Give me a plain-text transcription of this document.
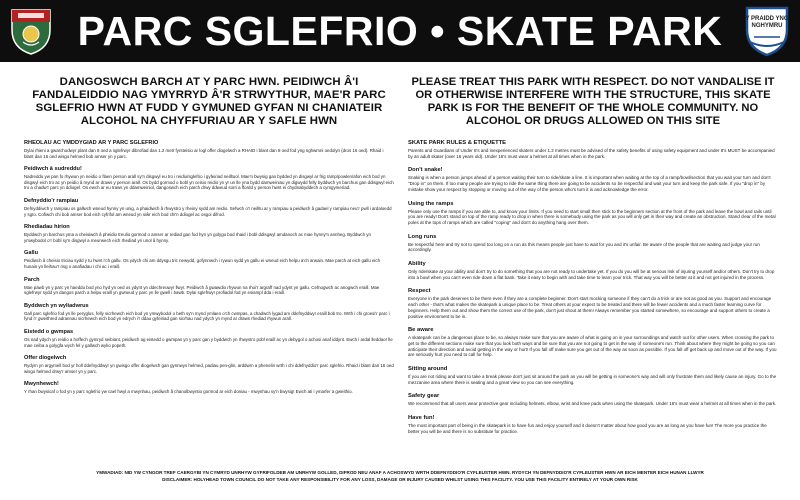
PARC SGLEFRIO • SKATE PARK	Y PRAIDD YNG NGHYMRU
DANGOSWCH BARCH AT Y PARC HWN. PEIDIWCH Â'I FANDALEIDDIO NAG YMYRRYD Â'R STRWYTHUR, MAE'R PARC SGLEFRIO HWN AT FUDD Y GYMUNED GYFAN NI CHANIATEIR ALCOHOL NA CHYFFURIAU AR Y SAFLE HWN
RHEOLAU AC YMDDYGIAD AR Y PARC SGLEFRIO
Dylai rhieni a gwarchodwyr plant dan 8 oed a sglefrwyr dibrofiad dan 1.2 metr fyrsteisio ar logl offer diogelwch a RHAID i blant dan 8 oed fod yng nghwmni oedolyn (dros 16 oed). Rhaid i blant dan 16 oed wisgo helmed bob amser yn y parc.
Peidiwch â sudreddu!
Nadreddu yw pan fo rhywun yn neidio o flaen person arall sy'n disgwyl eu tro i reidio/sglefrio i gyfeiriad neilltuol. Mae'n bwysig gan bydded yn disgwyl ar frig ramp/powlen/afon eich bod yn disgwyl eich tro ac yn peidio â mynd ar draws y person arall. Os bydd gormod o bobl yn ceisio reidio yn yr un lle yna bydd damweiniau yn digwydd felly byddwch yn barchus gan ddisgwyl eich tro a chadw'r parc yn ddiogel. Os ewch ar eu traws yn ddamweiniol, dangoswch eich parch drwy ddweud sorri a ffordd y person hwnt ei chydnabyddech a cymgymeriad.
Defnyddio'r rampiau
Defnyddiwch y rampiau os gallwch wneud hynny yn unig, a phaidiwch â rhwystro y rheiny sydd am reidio. Sefwch o'r neilltu ar y rampiau a peidiwch â gadael y rampiau neu'r pwll i ardaloedd y sgïo. Cofiwch chi bob amser bod eich cyfrifol am wneud yn siŵr eich bod chi'n ddiogel ac osgoi difrod.
Rhediadau hirion
Byddwch yn barchus yma a cheisiwch â pheidio treulio gormod o amser ar rediad gan fod hyn yn golygu bod rhaid i bobl ddisgwyl amdanoch ac mae hynny'n annheg. Byddwch yn ymwybodol o'r bobl sy'n disgwyl a meurwech eich rhediad yn unol â hynny.
Gallu
Peidiwch â cheisio triciau sydd y tu hwnt i'ch gallu. Os ydych chi am ddysgu tric newydd, gofynnwch i rywun sydd yn gallu ei wneud eich helpu a'ch arwain. Mae parch at eich gallu eich hunain yn lleihau'r risg o anafiadau i chi ac i eraill.
Parch
Mae pawb yn y parc yn haeddu bod yno hyd yn oed os ydynt yn ddechreuwyr llwyr. Peidiwch â gwawdio rhywun na rhoi'r argraff nad ydynt yn gallu. Cefnogwch ac anogwch eraill. Mae sglefrwyr sydd yn dangos parch a helpu eraill yn gwneud y parc yn lle gwell i bawb. Dylai sglefrwyr profiadol fod yn esiampl dda i eraill.
Byddwch yn wyliadwrus
Gall parc sglefrio fod yn lle peryglus, felly sicrhewch eich bod yn ymwybodol o beth sy'n mynd ymlaen o'ch cwmpas, a chadwch lygad am ddefnyddwyr eraill bob tro. Wrth i chi groesi'r parc i fynd i'r gweithred adrannau sicrhewch eich bod yn edrych i'r ddau gyfeiriad gan sicrhau nad ydych yn mynd ar draws rhediad rhywun arall.
Eistedd o gwmpas
Os nad ydych yn reidio a hoffech gymryd seibiant, peidiwch ag eistedd o gwmpas yn y parc gan y byddwch yn rhwystro pobl eraill ac yn debygol o achosi anaf iddynt. Ewch i ardal lleddaor lle mae ceiba a golygfa wych fel y gallwch wylio popeth.
Offer diogelwch
Rydym yn argymell bod yr holl ddefnyddwyr yn gwisgo offer diogelwch gan gynnwys helmed, padiau pen-glin, arddwrn a phenelin wrth i chi ddefnyddio'r parc sglefrio. Rhaid i blant dan 16 oed wisgo helmed drwy'r amser yn y parc.
Mwynhewch!
Y rhan bwysicaf o fod yn y parc sglefrio yw cael hwyl a mwynhau, peidiwch â chanolbwyntio gormod ar eich doniau - mwynhau sy'n bwysig! Ewch ati i ymarfer a gweithio.
PLEASE TREAT THIS PARK WITH RESPECT. DO NOT VANDALISE IT OR OTHERWISE INTERFERE WITH THE STRUCTURE, THIS SKATE PARK IS FOR THE BENEFIT OF THE WHOLE COMMUNITY. NO ALCOHOL OR DRUGS ALLOWED ON THIS SITE
SKATE PARK RULES & ETIQUETTE
Parents and Guardians of Under 8's and inexperienced skaters under 1.2 metres must be advised of the safety benefits of using safety equipment and under 8's MUST be accompanied by an adult skater (over 16 years old). Under 16's must wear a helmet at all times when in the park.
Don't snake!
Snaking is when a person jumps ahead of a person waiting their turn to ride/skate a line. It is important when waiting at the top of a ramp/bowl/section that you wait your turn and don't "Drop in" on them. If too many people are trying to ride the same thing there are going to be accidents so be respectful and wait your turn and keep the park safe. If you "drop in" by mistake show your respect by stopping or moving out of the way of the person who's turn it is and acknowledge the error.
Using the ramps
Please only use the ramps if you are able to, and know your limits. If you need to start small then stick to the beginners section at the front of the park and leave the bowl and rails until you are ready! Don't stand on top of the ramp ready to drop in when there is somebody using the park as you will only get in their way and create an obstruction. Stand clear of the metal poles at the tops of ramps which are called "coping" and don't do anything hang over them.
Long runs
Be respectful here and try not to spend too long on a run as this means people just have to wait for you and it's unfair. Be aware of the people that are waiting and judge your run accordingly.
Ability
Only ride/skate at your ability and don't try to do something that you are not ready to undertake yet. If you do you will be at serious risk of injuring yourself and/or others. Don't try to drop into a bowl when you can't even ride down a flat bank. Take it easy to begin with and take time to learn your trick. That way you will be better at it and not get injured in the process.
Respect
Everyone in the park deserves to be there even if they are a complete beginner. Don't start mocking someone if they can't do a trick or are not as good as you. Support and encourage each other - that's what makes the skatepark a unique place to be. Treat others at your expect to be treated and there will be fewer accidents and a much faster learning curve for beginners. Help them out and show them the correct use of the park, don't just shout at them! Always remember you started somewhere, so encourage and support others to create a positive environment to be in.
Be aware
A skatepark can be a dangerous place to be, so always make sure that you are aware of what is going on in your surroundings and watch out for other users. When crossing the park to get to the different sections make sure that you look both ways and be sure that you are not going to get in the way of someone's run. Think about where they might be going so you can anticipate their direction and avoid getting in the way or hurt! If you fall off make sure you get out of the way as soon as possible. If you fall off get back up and move out of the way. If you are seriously hurt you need to call for help.
Sitting around
If you are not riding and want to take a break please don't just sit around the park as you will be getting in someone's way and will only frustrate them and likely cause an injury. Go to the mezzanine area where there is seating and a great view so you can see everything.
Safety gear
We recommend that all users wear protective gear including helmets, elbow, wrist and knee pads when using the skatepark. Under 16's must wear a helmet at all times when in the park.
Have fun!
The most important part of being in the skatepark is to have fun and enjoy yourself and it doesn't matter about how good you are as long as you have fun! The more you practice the better you will be and there is no substitute for practice.
YMWADIAD: NID YW CYNGOR TREF CAERGYBI YN CYMRYD UNRHYW GYFRIFOLDEB AM UNRHYW GOLLED, DIFROD NEU ANAF A ACHOSWYD WRTH DDEFNYDDIO'R CYFLEUSTER HWN. RYDYCH YN DEFNYDDIO'R CYFLEUSTER HWN AR EICH MENTER EICH HUNAN LLWYR
DISCLAIMER: HOLYHEAD TOWN COUNCIL DO NOT TAKE ANY RESPONSIBILITY FOR ANY LOSS, DAMAGE OR INJURY CAUSED WHILST USING THIS FACILITY. YOU USE THIS FACILITY ENTIRELY AT YOUR OWN RISK
